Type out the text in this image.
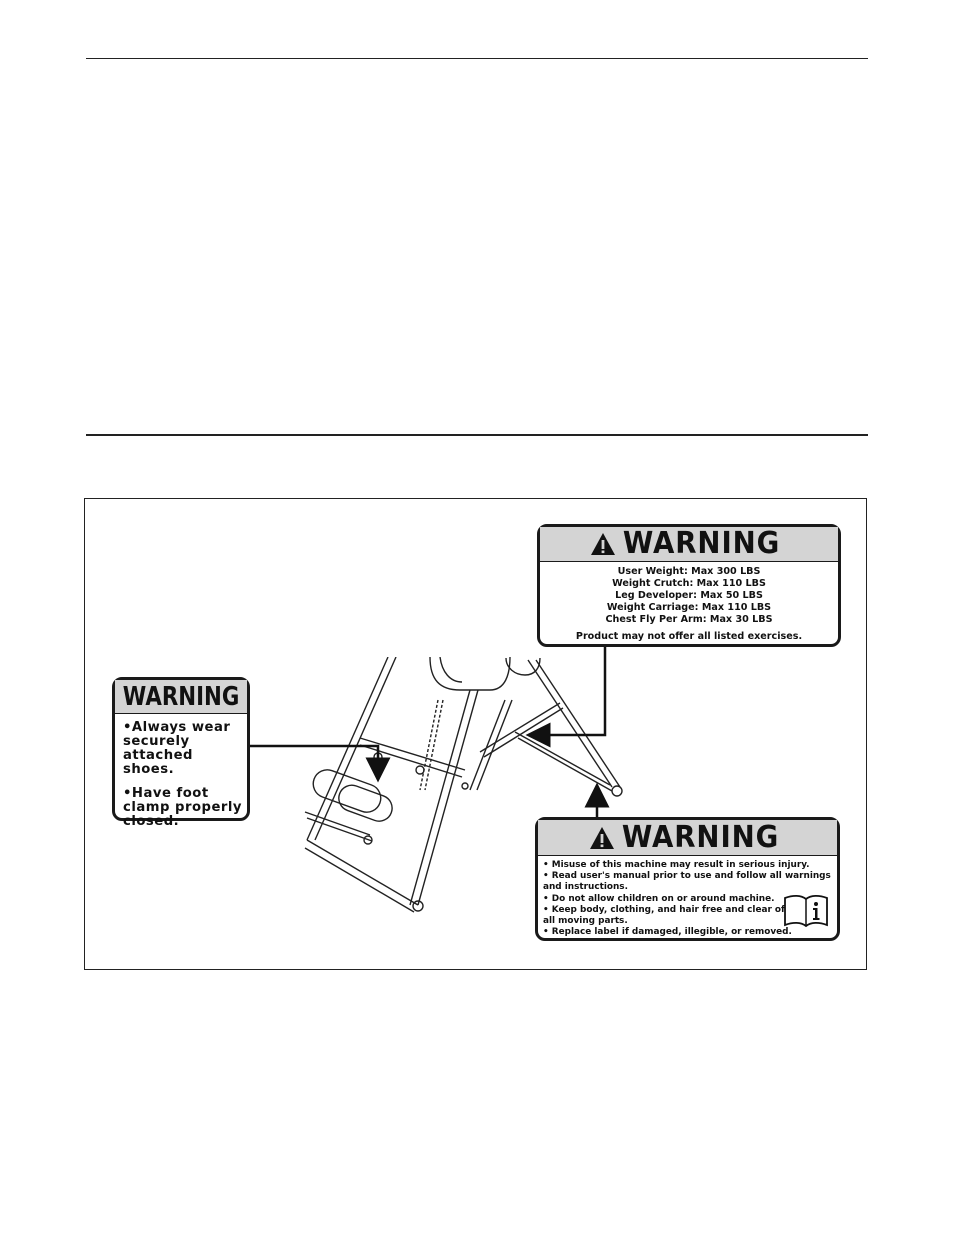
WARNING
User Weight: Max 300 LBS
Weight Crutch: Max 110 LBS
Leg Developer: Max 50 LBS
Weight Carriage: Max 110 LBS
Chest Fly Per Arm: Max 30 LBS
Product may not offer all listed exercises.
WARNING
•Always wear securely attached shoes.
•Have foot clamp properly closed.	WARNING
• Misuse of this machine may result in serious injury.
• Read user's manual prior to use and follow all warnings and instructions.
• Do not allow children on or around machine.
• Keep body, clothing, and hair free and clear of all moving parts.
• Replace label if damaged, illegible, or removed.
